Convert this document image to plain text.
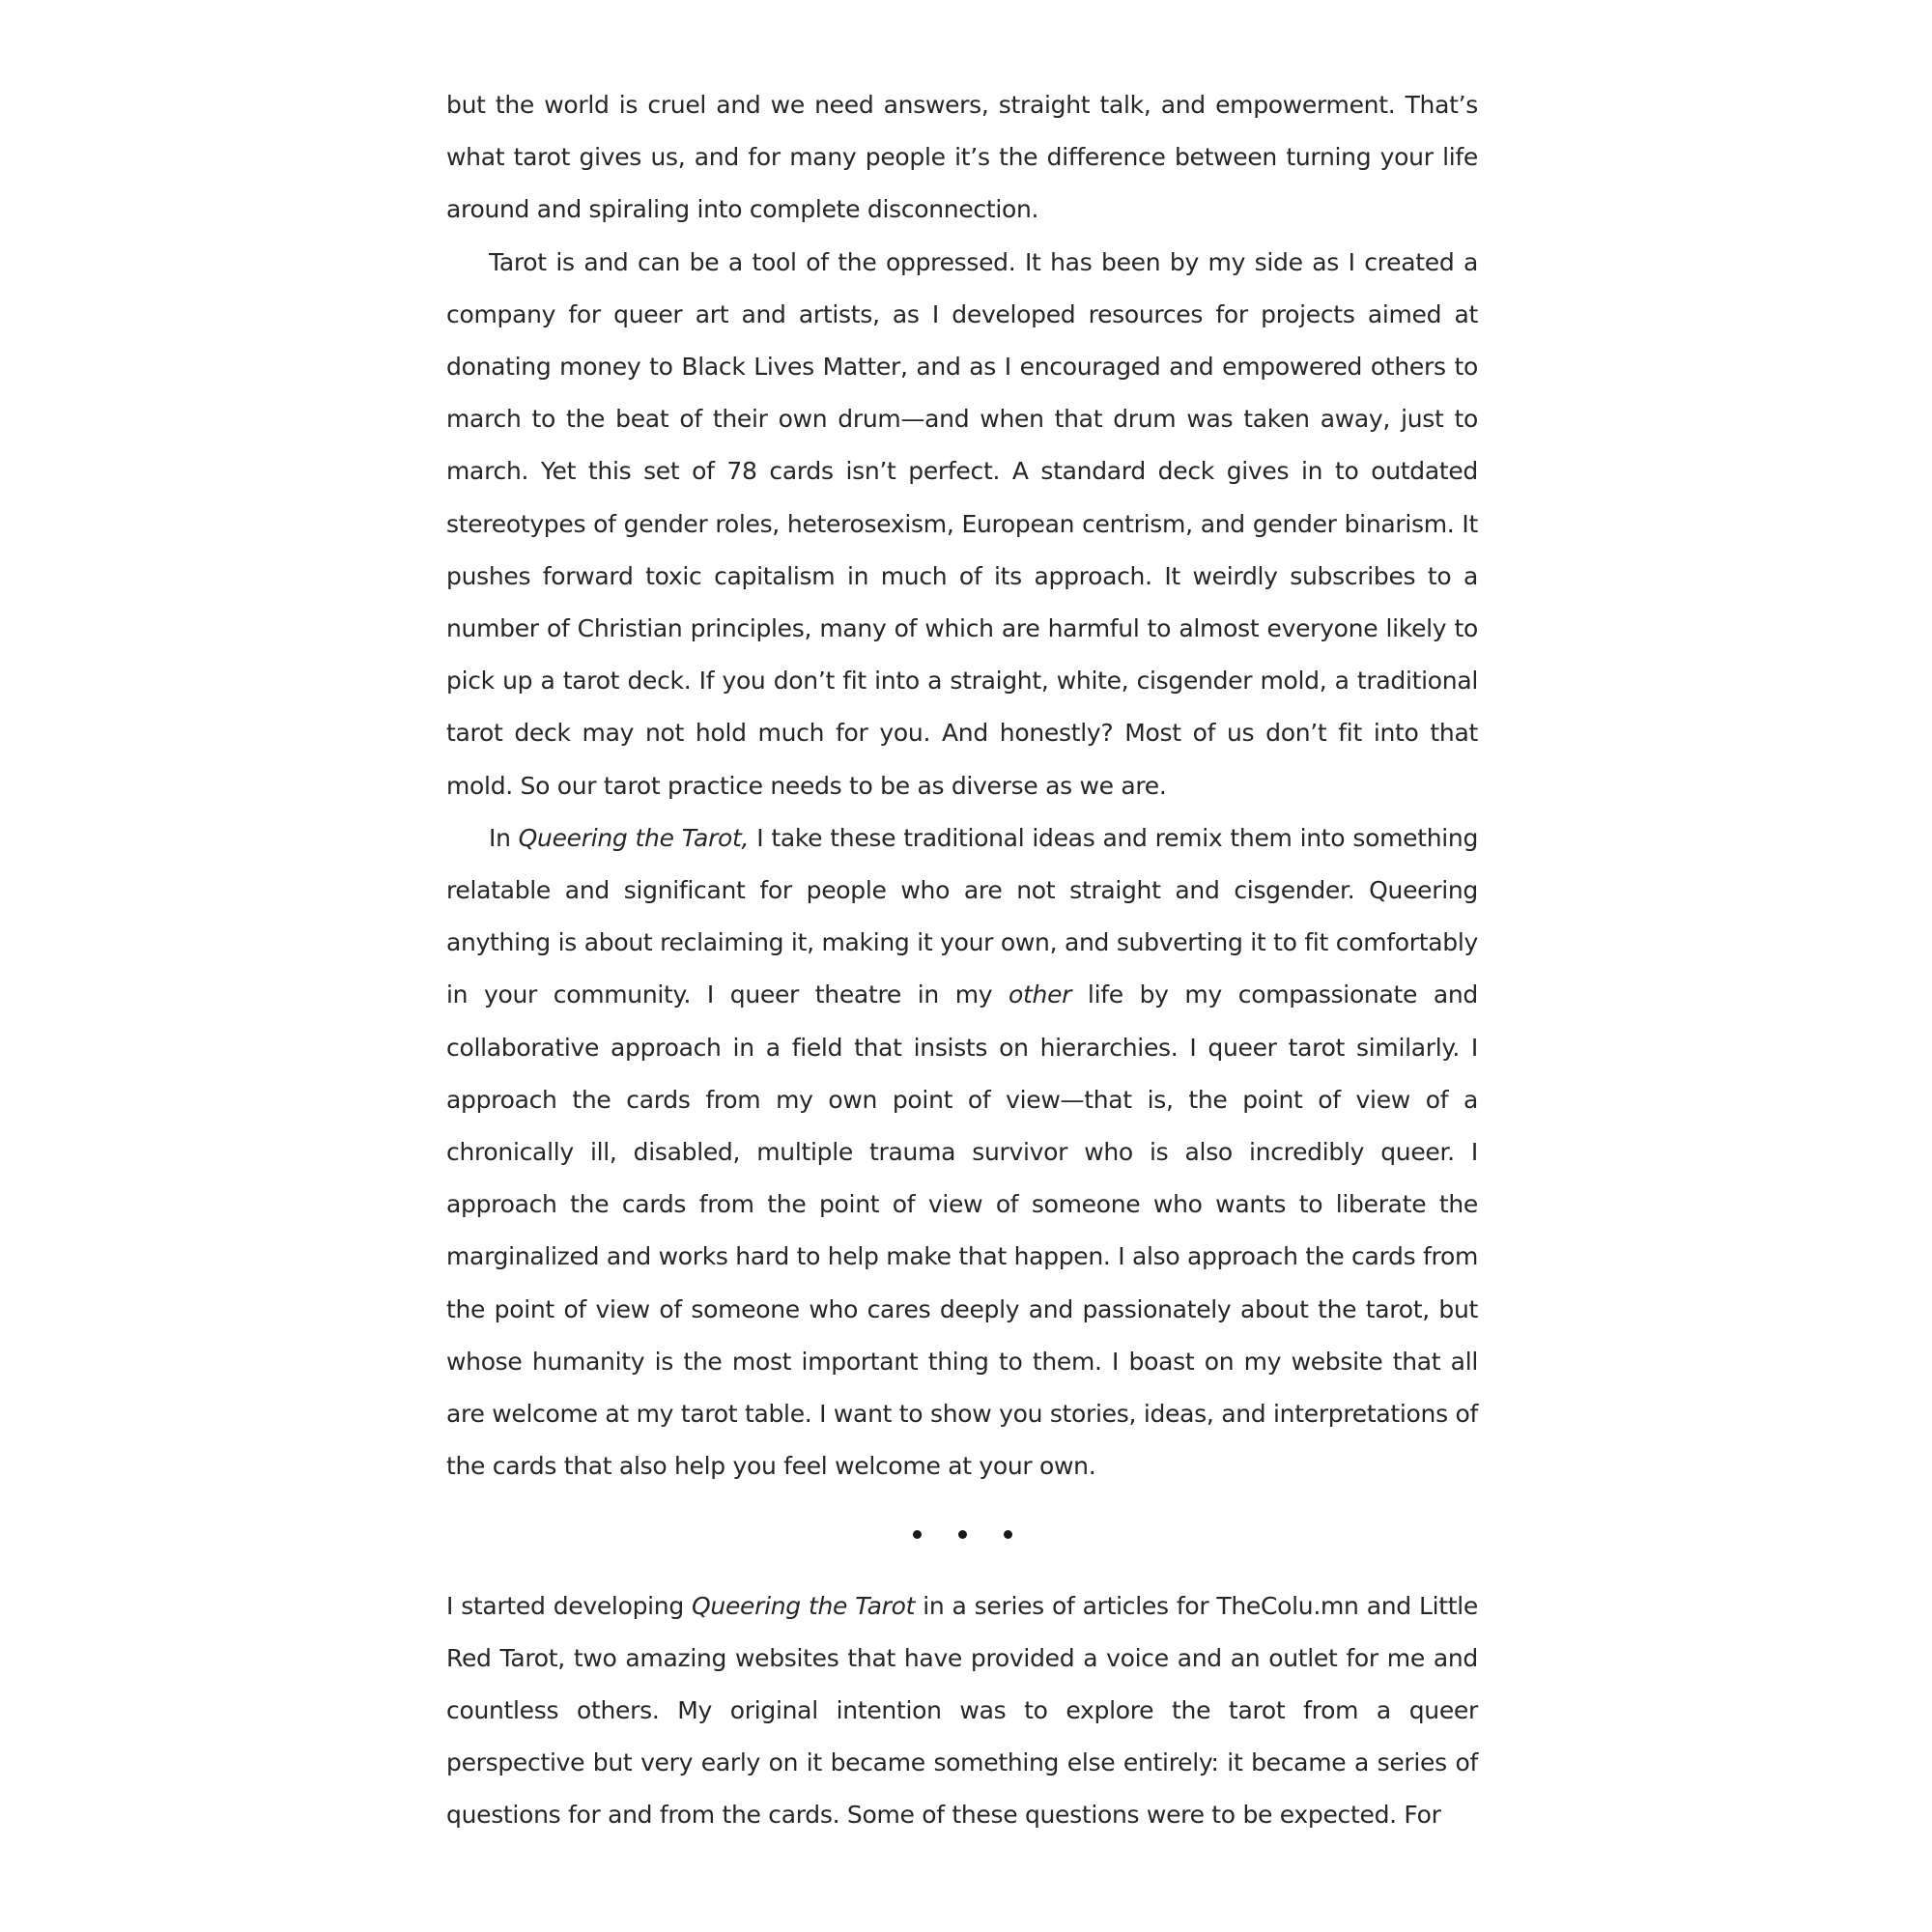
but the world is cruel and we need answers, straight talk, and empowerment. That’s what tarot gives us, and for many people it’s the difference between turning your life around and spiraling into complete disconnection.

Tarot is and can be a tool of the oppressed. It has been by my side as I created a company for queer art and artists, as I developed resources for projects aimed at donating money to Black Lives Matter, and as I encouraged and empowered others to march to the beat of their own drum—and when that drum was taken away, just to march. Yet this set of 78 cards isn’t perfect. A standard deck gives in to outdated stereotypes of gender roles, heterosexism, European centrism, and gender binarism. It pushes forward toxic capitalism in much of its approach. It weirdly subscribes to a number of Christian principles, many of which are harmful to almost everyone likely to pick up a tarot deck. If you don’t fit into a straight, white, cisgender mold, a traditional tarot deck may not hold much for you. And honestly? Most of us don’t fit into that mold. So our tarot practice needs to be as diverse as we are.

In Queering the Tarot, I take these traditional ideas and remix them into something relatable and significant for people who are not straight and cisgender. Queering anything is about reclaiming it, making it your own, and subverting it to fit comfortably in your community. I queer theatre in my other life by my compassionate and collaborative approach in a field that insists on hierarchies. I queer tarot similarly. I approach the cards from my own point of view—that is, the point of view of a chronically ill, disabled, multiple trauma survivor who is also incredibly queer. I approach the cards from the point of view of someone who wants to liberate the marginalized and works hard to help make that happen. I also approach the cards from the point of view of someone who cares deeply and passionately about the tarot, but whose humanity is the most important thing to them. I boast on my website that all are welcome at my tarot table. I want to show you stories, ideas, and interpretations of the cards that also help you feel welcome at your own.

I started developing Queering the Tarot in a series of articles for TheColu.mn and Little Red Tarot, two amazing websites that have provided a voice and an outlet for me and countless others. My original intention was to explore the tarot from a queer perspective but very early on it became something else entirely: it became a series of questions for and from the cards. Some of these questions were to be expected. For
